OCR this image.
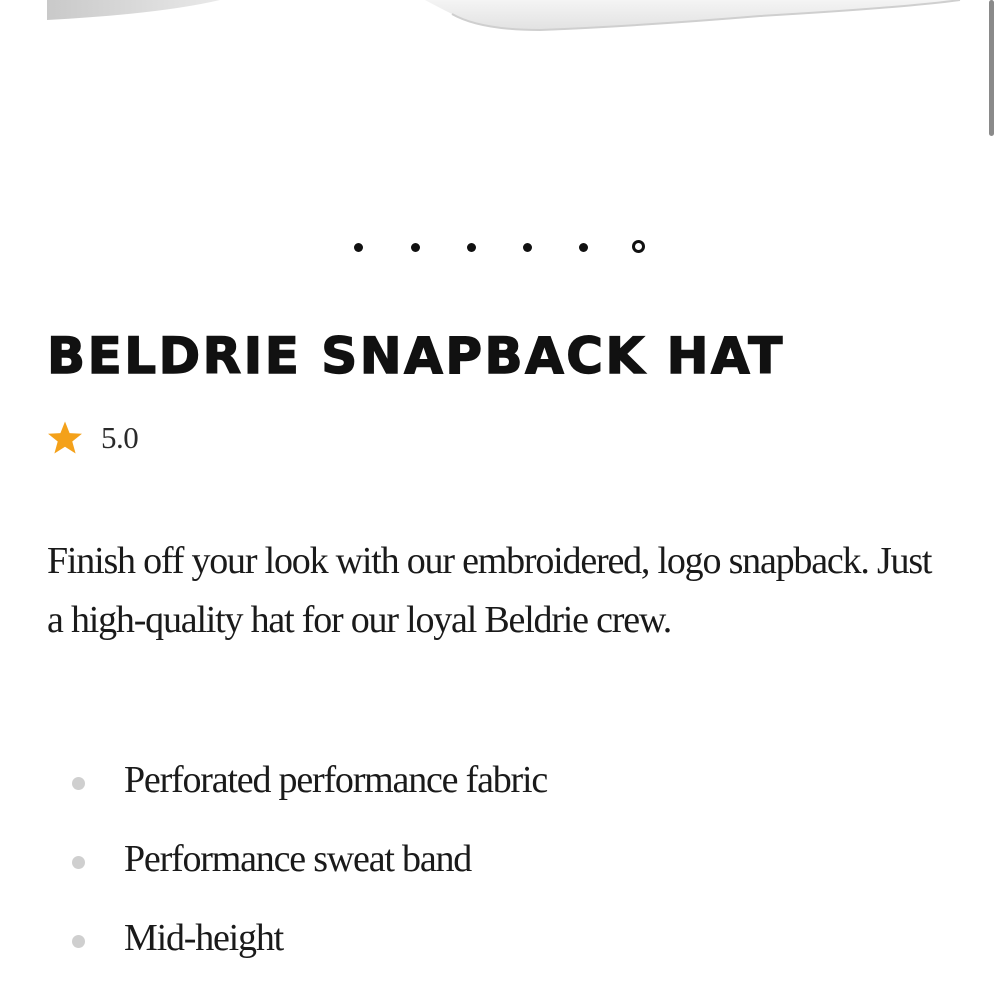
BELDRIE SNAPBACK HAT
5.0

Finish off your look with our embroidered, logo snapback. Just a high-quality hat for our loyal Beldrie crew.

Perforated performance fabric
Performance sweat band
Mid-height
